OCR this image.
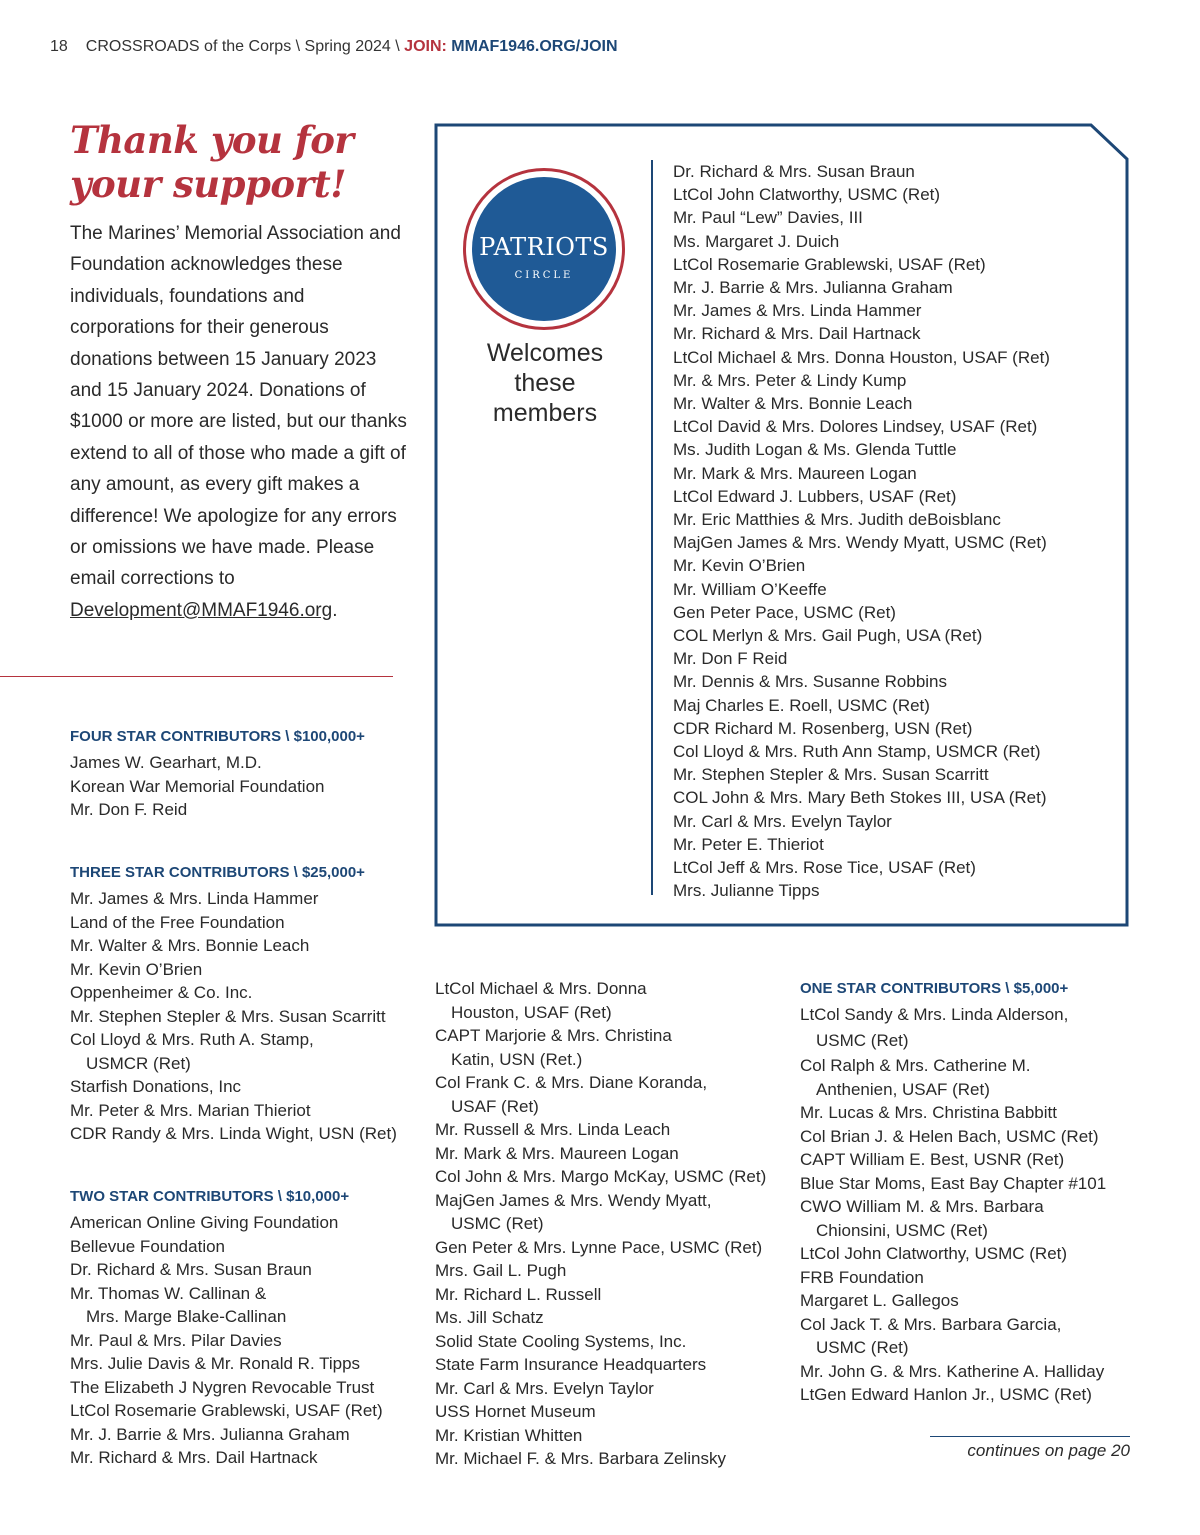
18 CROSSROADS of the Corps \ Spring 2024 \ JOIN: MMAF1946.ORG/JOIN
Thank you for
your support!
The Marines’ Memorial Association and Foundation acknowledges these individuals, foundations and corporations for their generous donations between 15 January 2023 and 15 January 2024. Donations of $1000 or more are listed, but our thanks extend to all of those who made a gift of any amount, as every gift makes a difference! We apologize for any errors or omissions we have made. Please email corrections to Development@MMAF1946.org.
FOUR STAR CONTRIBUTORS \ $100,000+
James W. Gearhart, M.D.
Korean War Memorial Foundation
Mr. Don F. Reid
THREE STAR CONTRIBUTORS \ $25,000+
Mr. James & Mrs. Linda Hammer
Land of the Free Foundation
Mr. Walter & Mrs. Bonnie Leach
Mr. Kevin O’Brien
Oppenheimer & Co. Inc.
Mr. Stephen Stepler & Mrs. Susan Scarritt
Col Lloyd & Mrs. Ruth A. Stamp,
USMCR (Ret)
Starfish Donations, Inc
Mr. Peter & Mrs. Marian Thieriot
CDR Randy & Mrs. Linda Wight, USN (Ret)
TWO STAR CONTRIBUTORS \ $10,000+
American Online Giving Foundation
Bellevue Foundation
Dr. Richard & Mrs. Susan Braun
Mr. Thomas W. Callinan &
Mrs. Marge Blake-Callinan
Mr. Paul & Mrs. Pilar Davies
Mrs. Julie Davis & Mr. Ronald R. Tipps
The Elizabeth J Nygren Revocable Trust
LtCol Rosemarie Grablewski, USAF (Ret)
Mr. J. Barrie & Mrs. Julianna Graham
Mr. Richard & Mrs. Dail Hartnack
LtCol Michael & Mrs. Donna
Houston, USAF (Ret)
CAPT Marjorie & Mrs. Christina
Katin, USN (Ret.)
Col Frank C. & Mrs. Diane Koranda,
USAF (Ret)
Mr. Russell & Mrs. Linda Leach
Mr. Mark & Mrs. Maureen Logan
Col John & Mrs. Margo McKay, USMC (Ret)
MajGen James & Mrs. Wendy Myatt,
USMC (Ret)
Gen Peter & Mrs. Lynne Pace, USMC (Ret)
Mrs. Gail L. Pugh
Mr. Richard L. Russell
Ms. Jill Schatz
Solid State Cooling Systems, Inc.
State Farm Insurance Headquarters
Mr. Carl & Mrs. Evelyn Taylor
USS Hornet Museum
Mr. Kristian Whitten
Mr. Michael F. & Mrs. Barbara Zelinsky
ONE STAR CONTRIBUTORS \ $5,000+
LtCol Sandy & Mrs. Linda Alderson,
USMC (Ret)
Col Ralph & Mrs. Catherine M.
Anthenien, USAF (Ret)
Mr. Lucas & Mrs. Christina Babbitt
Col Brian J. & Helen Bach, USMC (Ret)
CAPT William E. Best, USNR (Ret)
Blue Star Moms, East Bay Chapter #101
CWO William M. & Mrs. Barbara
Chionsini, USMC (Ret)
LtCol John Clatworthy, USMC (Ret)
FRB Foundation
Margaret L. Gallegos
Col Jack T. & Mrs. Barbara Garcia,
USMC (Ret)
Mr. John G. & Mrs. Katherine A. Halliday
LtGen Edward Hanlon Jr., USMC (Ret)
PATRIOTS
CIRCLE
Welcomes
these
members
Dr. Richard & Mrs. Susan Braun
LtCol John Clatworthy, USMC (Ret)
Mr. Paul “Lew” Davies, III
Ms. Margaret J. Duich
LtCol Rosemarie Grablewski, USAF (Ret)
Mr. J. Barrie & Mrs. Julianna Graham
Mr. James & Mrs. Linda Hammer
Mr. Richard & Mrs. Dail Hartnack
LtCol Michael & Mrs. Donna Houston, USAF (Ret)
Mr. & Mrs. Peter & Lindy Kump
Mr. Walter & Mrs. Bonnie Leach
LtCol David & Mrs. Dolores Lindsey, USAF (Ret)
Ms. Judith Logan & Ms. Glenda Tuttle
Mr. Mark & Mrs. Maureen Logan
LtCol Edward J. Lubbers, USAF (Ret)
Mr. Eric Matthies & Mrs. Judith deBoisblanc
MajGen James & Mrs. Wendy Myatt, USMC (Ret)
Mr. Kevin O’Brien
Mr. William O’Keeffe
Gen Peter Pace, USMC (Ret)
COL Merlyn & Mrs. Gail Pugh, USA (Ret)
Mr. Don F Reid
Mr. Dennis & Mrs. Susanne Robbins
Maj Charles E. Roell, USMC (Ret)
CDR Richard M. Rosenberg, USN (Ret)
Col Lloyd & Mrs. Ruth Ann Stamp, USMCR (Ret)
Mr. Stephen Stepler & Mrs. Susan Scarritt
COL John & Mrs. Mary Beth Stokes III, USA (Ret)
Mr. Carl & Mrs. Evelyn Taylor
Mr. Peter E. Thieriot
LtCol Jeff & Mrs. Rose Tice, USAF (Ret)
Mrs. Julianne Tipps
continues on page 20
